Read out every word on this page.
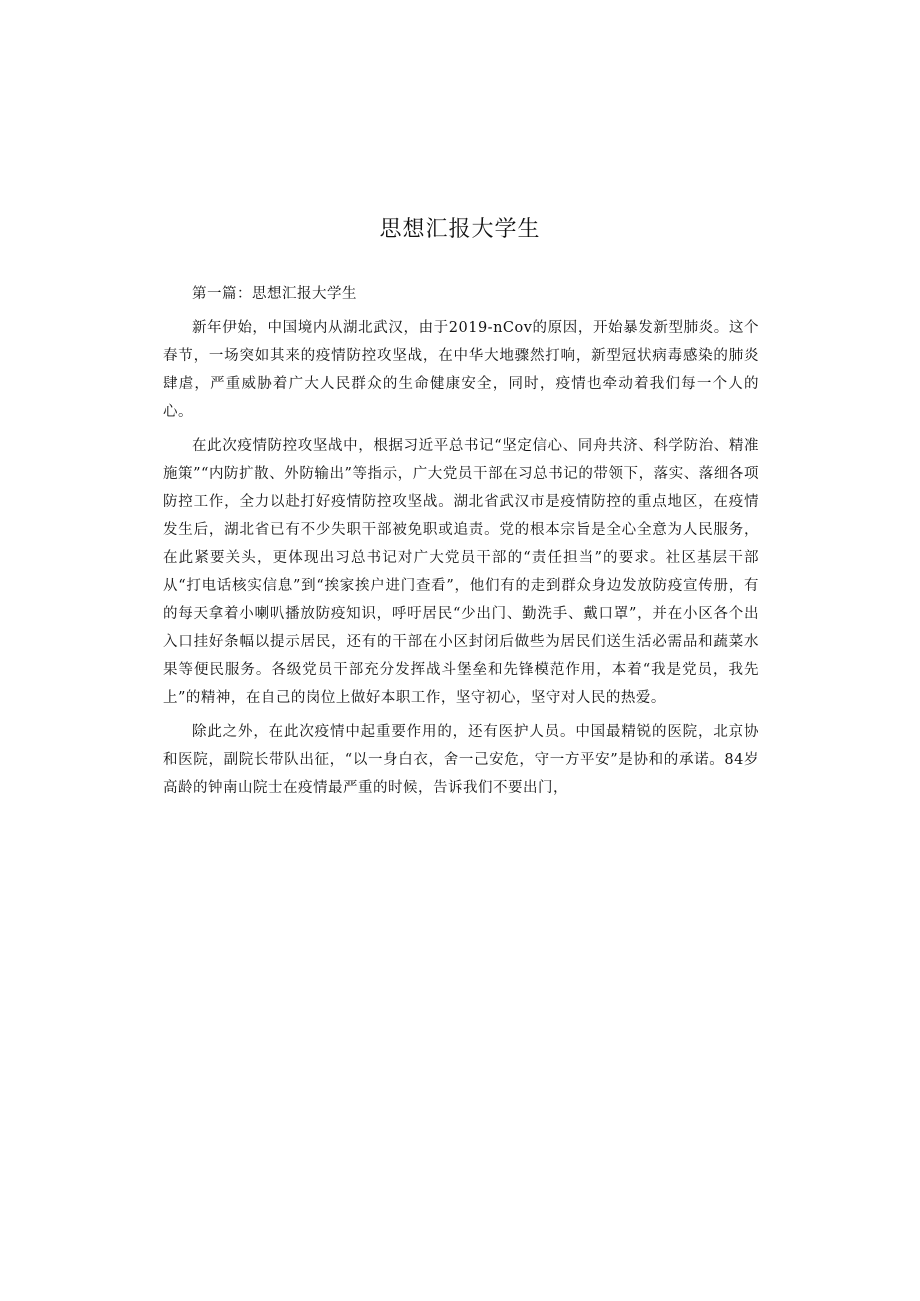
思想汇报大学生

第一篇：思想汇报大学生

新年伊始，中国境内从湖北武汉，由于2019-nCov的原因，开始暴发新型肺炎。这个春节，一场突如其来的疫情防控攻坚战，在中华大地骤然打响，新型冠状病毒感染的肺炎肆虐，严重威胁着广大人民群众的生命健康安全，同时，疫情也牵动着我们每一个人的心。

在此次疫情防控攻坚战中，根据习近平总书记“坚定信心、同舟共济、科学防治、精准施策”“内防扩散、外防输出”等指示，广大党员干部在习总书记的带领下，落实、落细各项防控工作，全力以赴打好疫情防控攻坚战。湖北省武汉市是疫情防控的重点地区，在疫情发生后，湖北省已有不少失职干部被免职或追责。党的根本宗旨是全心全意为人民服务，在此紧要关头，更体现出习总书记对广大党员干部的“责任担当”的要求。社区基层干部从“打电话核实信息”到“挨家挨户进门查看”，他们有的走到群众身边发放防疫宣传册，有的每天拿着小喇叭播放防疫知识，呼吁居民“少出门、勤洗手、戴口罩”，并在小区各个出入口挂好条幅以提示居民，还有的干部在小区封闭后做些为居民们送生活必需品和蔬菜水果等便民服务。各级党员干部充分发挥战斗堡垒和先锋模范作用，本着“我是党员，我先上”的精神，在自己的岗位上做好本职工作，坚守初心，坚守对人民的热爱。

除此之外，在此次疫情中起重要作用的，还有医护人员。中国最精锐的医院，北京协和医院，副院长带队出征，“以一身白衣，舍一己安危，守一方平安”是协和的承诺。84岁高龄的钟南山院士在疫情最严重的时候，告诉我们不要出门，
